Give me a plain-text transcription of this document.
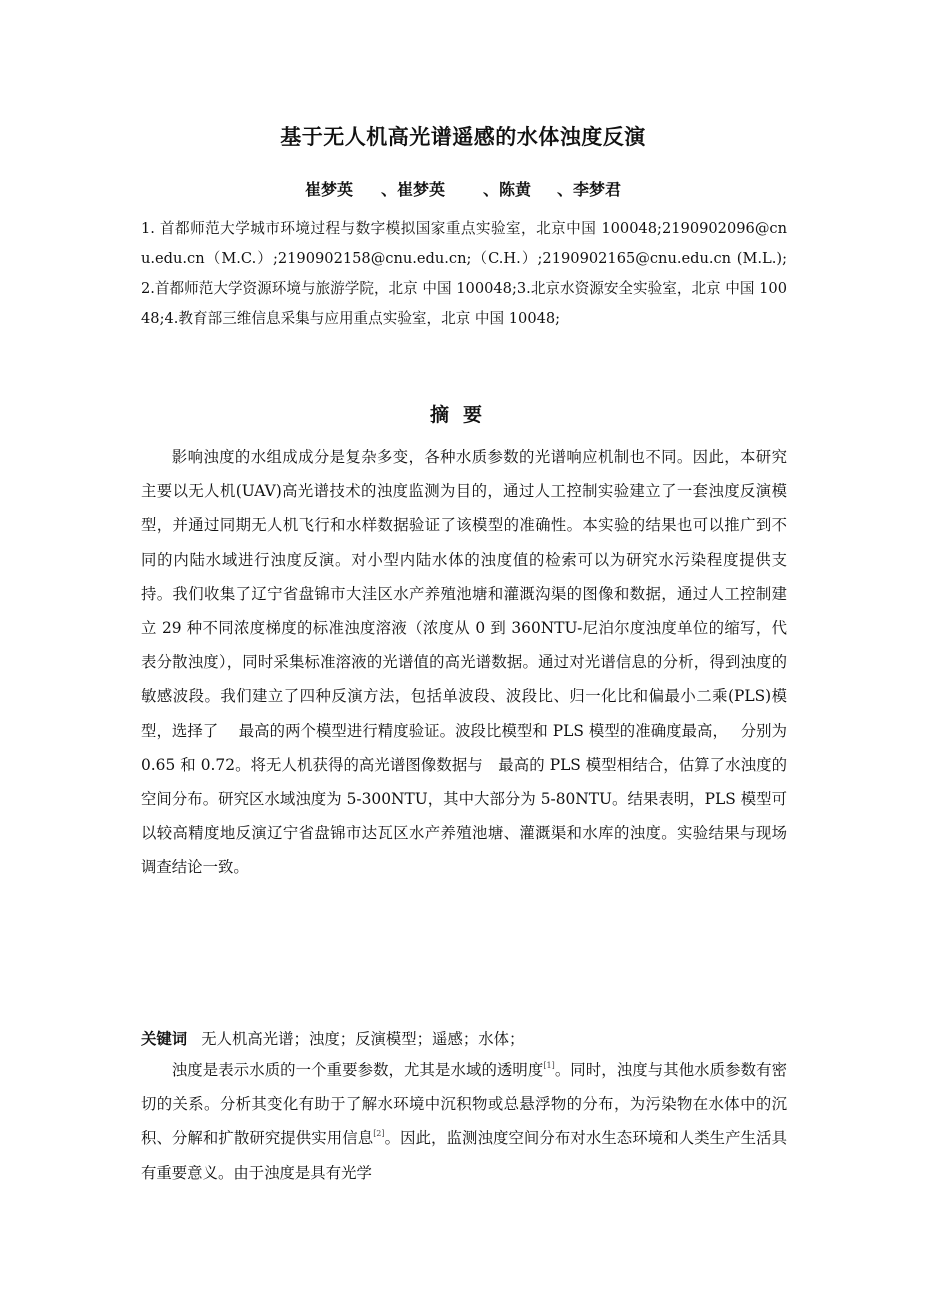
基于无人机高光谱遥感的水体浊度反演
崔梦英 、崔梦英 、陈黄 、李梦君
1. 首都师范大学城市环境过程与数字模拟国家重点实验室，北京中国 100048;2190902096@cnu.edu.cn（M.C.）;2190902158@cnu.edu.cn;（C.H.）;2190902165@cnu.edu.cn (M.L.);2.首都师范大学资源环境与旅游学院，北京 中国 100048;3.北京水资源安全实验室，北京 中国 10048;4.教育部三维信息采集与应用重点实验室，北京 中国 10048;
摘要

影响浊度的水组成成分是复杂多变，各种水质参数的光谱响应机制也不同。因此，本研究主要以无人机(UAV)高光谱技术的浊度监测为目的，通过人工控制实验建立了一套浊度反演模型，并通过同期无人机飞行和水样数据验证了该模型的准确性。本实验的结果也可以推广到不同的内陆水域进行浊度反演。对小型内陆水体的浊度值的检索可以为研究水污染程度提供支持。我们收集了辽宁省盘锦市大洼区水产养殖池塘和灌溉沟渠的图像和数据，通过人工控制建立 29 种不同浓度梯度的标准浊度溶液（浓度从 0 到 360NTU-尼泊尔度浊度单位的缩写，代表分散浊度），同时采集标准溶液的光谱值的高光谱数据。通过对光谱信息的分析，得到浊度的敏感波段。我们建立了四种反演方法，包括单波段、波段比、归一化比和偏最小二乘(PLS)模型，选择了　 最高的两个模型进行精度验证。波段比模型和 PLS 模型的准确度最高，　 分别为 0.65 和 0.72。将无人机获得的高光谱图像数据与　最高的 PLS 模型相结合，估算了水浊度的空间分布。研究区水域浊度为 5-300NTU，其中大部分为 5-80NTU。结果表明，PLS 模型可以较高精度地反演辽宁省盘锦市达瓦区水产养殖池塘、灌溉渠和水库的浊度。实验结果与现场调查结论一致。

关键词 无人机高光谱；浊度；反演模型；遥感；水体；

浊度是表示水质的一个重要参数，尤其是水域的透明度[1]。同时，浊度与其他水质参数有密切的关系。分析其变化有助于了解水环境中沉积物或总悬浮物的分布，为污染物在水体中的沉积、分解和扩散研究提供实用信息[2]。因此，监测浊度空间分布对水生态环境和人类生产生活具有重要意义。由于浊度是具有光学
